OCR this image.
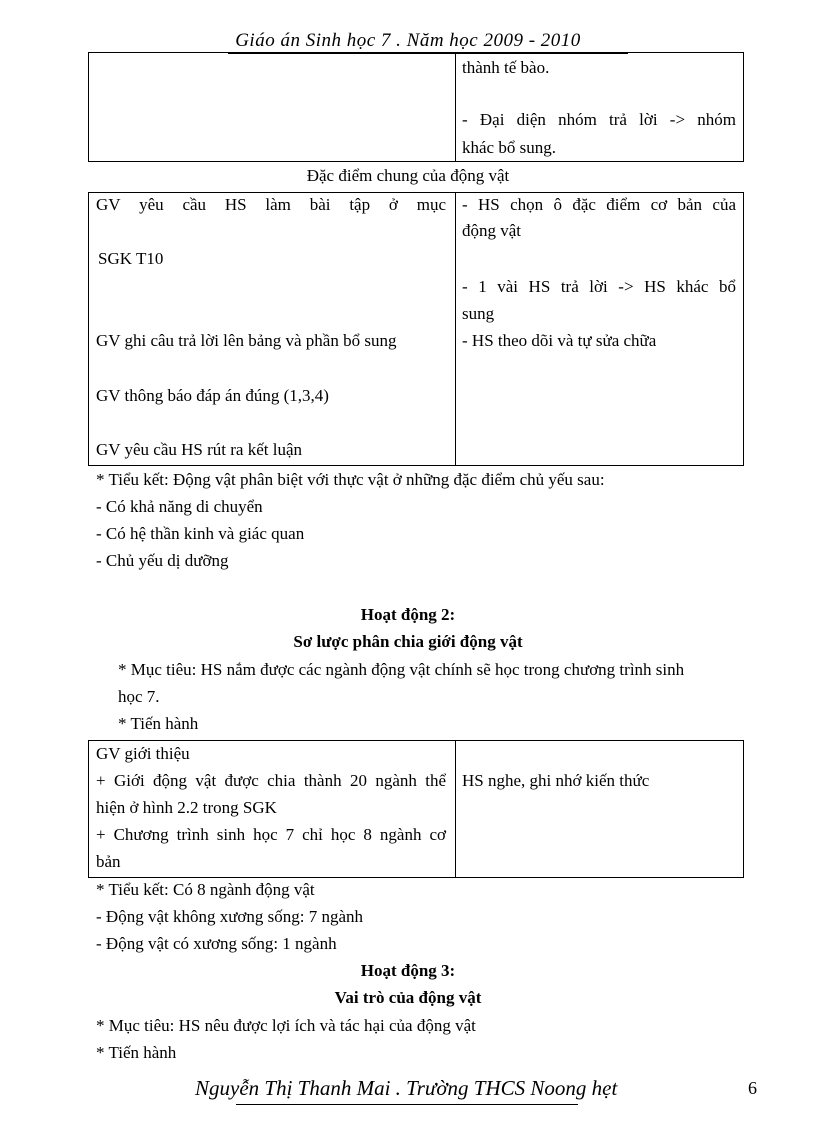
Giáo án Sinh học 7 . Năm học 2009 - 2010
thành tế bào.
- Đại diện nhóm trả lời -> nhóm
khác bổ sung.
Đặc điểm chung của động vật
GV yêu cầu HS làm bài tập ở mục
SGK T10
GV ghi câu trả lời lên bảng và phần bổ sung
GV thông báo đáp án đúng (1,3,4)
GV yêu cầu HS rút ra kết luận
- HS chọn ô đặc điểm cơ bản của
động vật
- 1 vài HS trả lời -> HS khác bổ
sung
- HS theo dõi và tự sửa chữa
* Tiểu kết: Động vật phân biệt với thực vật ở những đặc điểm chủ yếu sau:
- Có khả năng di chuyển
- Có hệ thần kinh và giác quan
- Chủ yếu dị dưỡng
Hoạt động 2:
Sơ lược phân chia giới động vật
* Mục tiêu: HS nắm được các ngành động vật chính sẽ học trong chương trình sinh
học 7.
* Tiến hành
GV giới thiệu
+ Giới động vật được chia thành 20 ngành thể
hiện ở hình 2.2 trong SGK
+ Chương trình sinh học 7 chỉ học 8 ngành cơ
bản
HS nghe, ghi nhớ kiến thức
* Tiểu kết: Có 8 ngành động vật
- Động vật không xương sống: 7 ngành
- Động vật có xương sống: 1 ngành
Hoạt động 3:
Vai trò của động vật
* Mục tiêu: HS nêu được lợi ích và tác hại của động vật
* Tiến hành
Nguyễn Thị Thanh Mai . Trường THCS Noong hẹt	6
